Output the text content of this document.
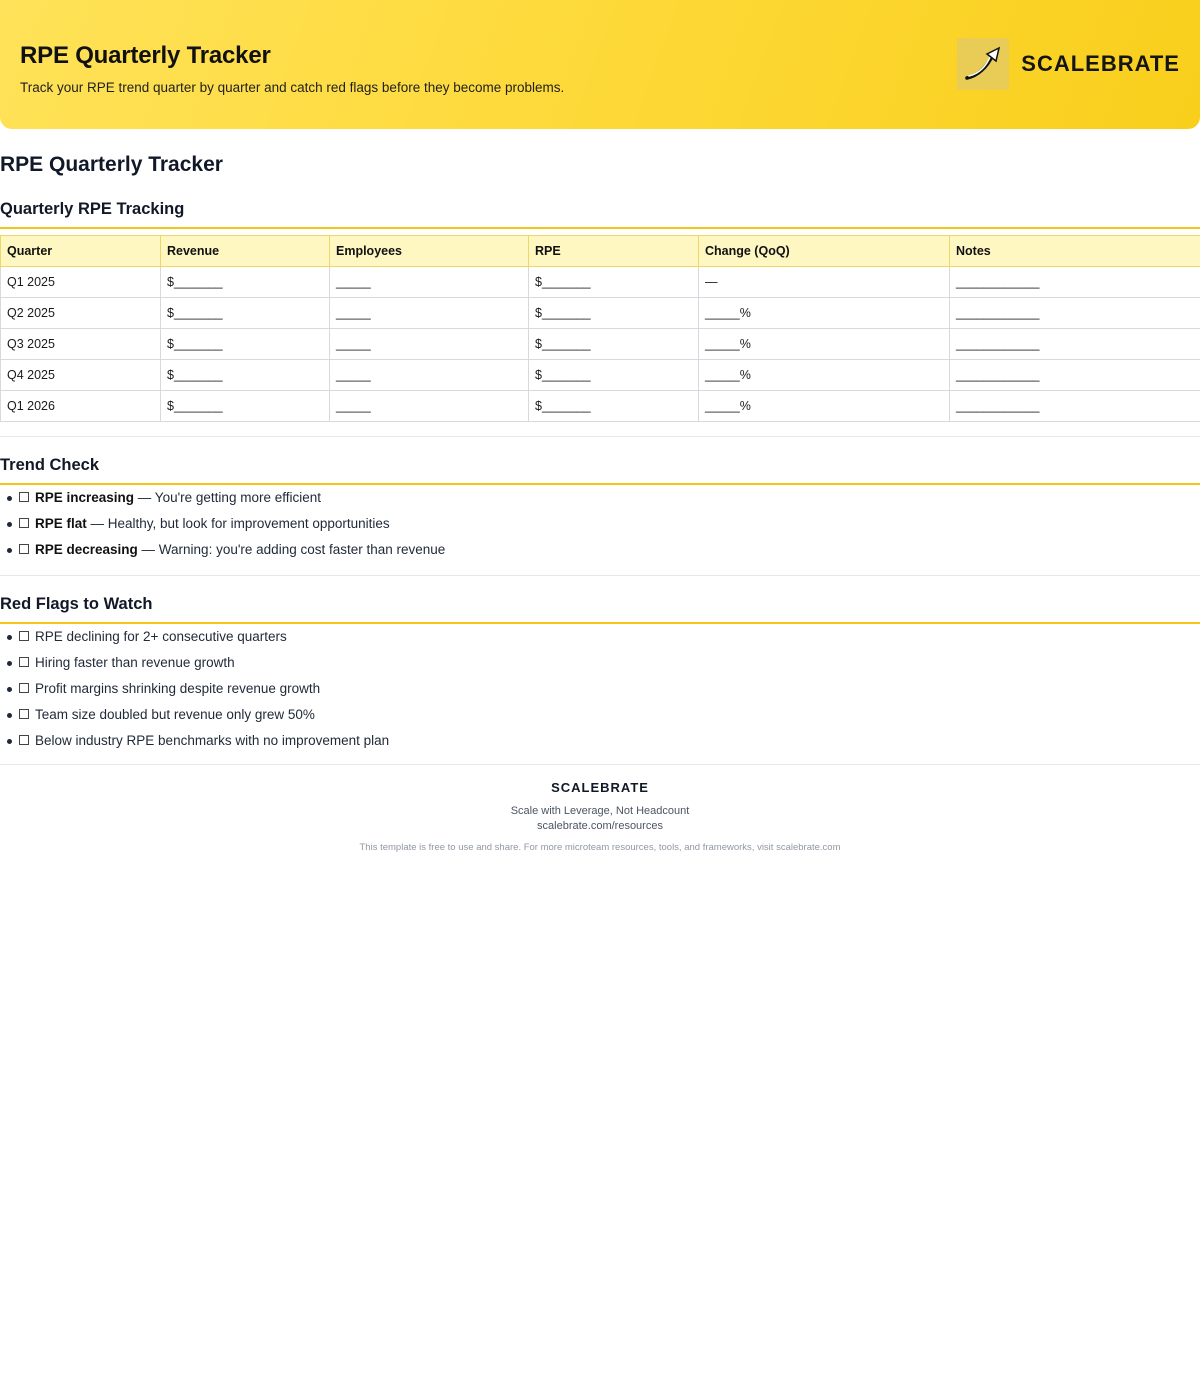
RPE Quarterly Tracker

Track your RPE trend quarter by quarter and catch red flags before they become problems.

SCALEBRATE
RPE Quarterly Tracker
Quarterly RPE Tracking
Quarter	Revenue	Employees	RPE	Change (QoQ)	Notes
Q1 2025	$_______	_____	$_______	—	____________
Q2 2025	$_______	_____	$_______	_____%	____________
Q3 2025	$_______	_____	$_______	_____%	____________
Q4 2025	$_______	_____	$_______	_____%	____________
Q1 2026	$_______	_____	$_______	_____%	____________
Trend Check
RPE increasing — You're getting more efficient
RPE flat — Healthy, but look for improvement opportunities
RPE decreasing — Warning: you're adding cost faster than revenue
Red Flags to Watch
RPE declining for 2+ consecutive quarters
Hiring faster than revenue growth
Profit margins shrinking despite revenue growth
Team size doubled but revenue only grew 50%
Below industry RPE benchmarks with no improvement plan

SCALEBRATE

Scale with Leverage, Not Headcount

scalebrate.com/resources

This template is free to use and share. For more microteam resources, tools, and frameworks, visit scalebrate.com
